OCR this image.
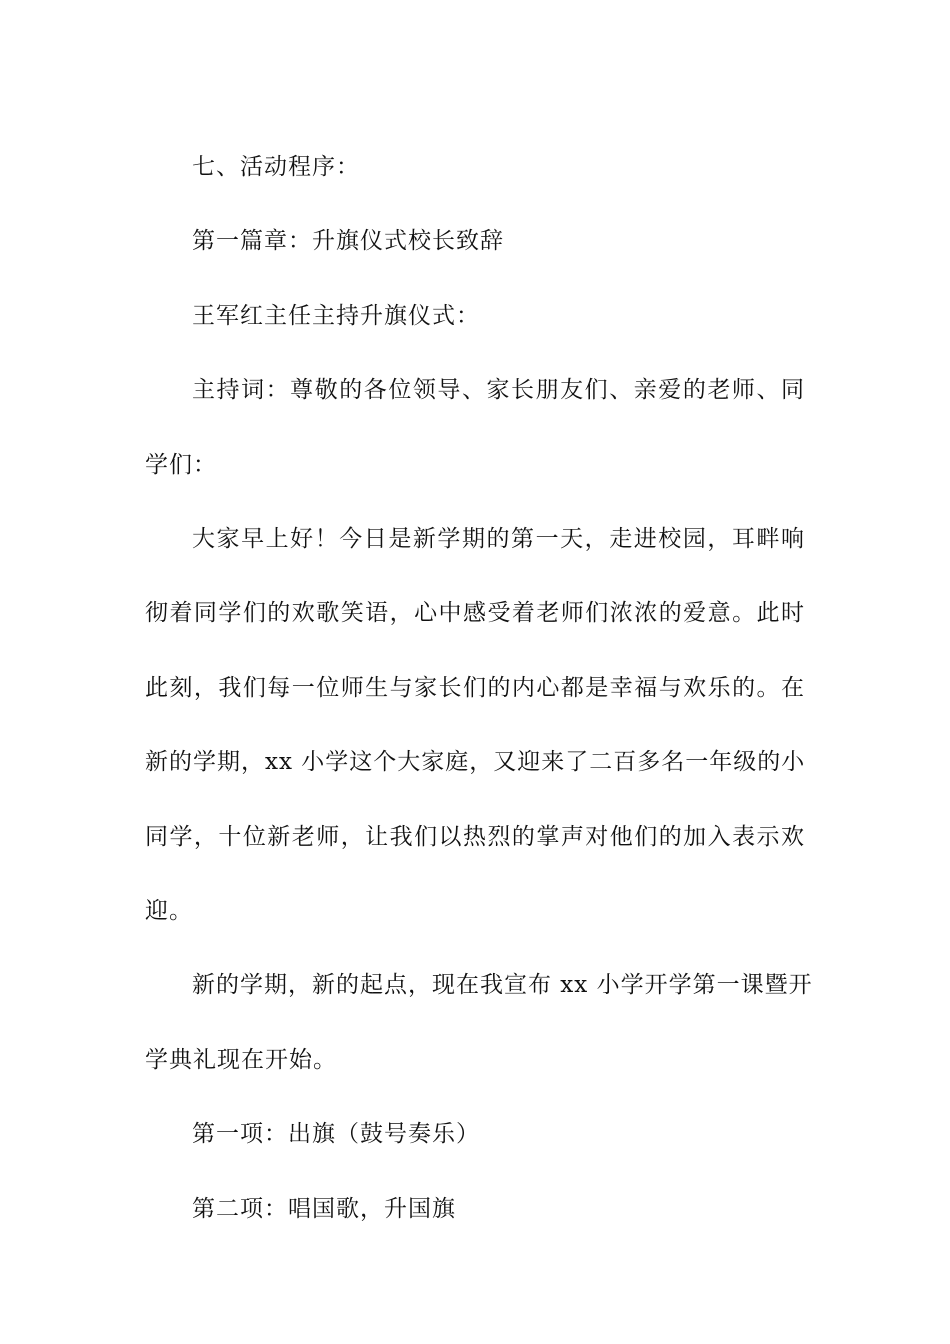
七、活动程序：

第一篇章：升旗仪式校长致辞

王军红主任主持升旗仪式：

主持词：尊敬的各位领导、家长朋友们、亲爱的老师、同
学们：

大家早上好！今日是新学期的第一天，走进校园，耳畔响
彻着同学们的欢歌笑语，心中感受着老师们浓浓的爱意。此时
此刻，我们每一位师生与家长们的内心都是幸福与欢乐的。在
新的学期，xx 小学这个大家庭，又迎来了二百多名一年级的小
同学，十位新老师，让我们以热烈的掌声对他们的加入表示欢
迎。

新的学期，新的起点，现在我宣布 xx 小学开学第一课暨开
学典礼现在开始。

第一项：出旗（鼓号奏乐）

第二项：唱国歌，升国旗
